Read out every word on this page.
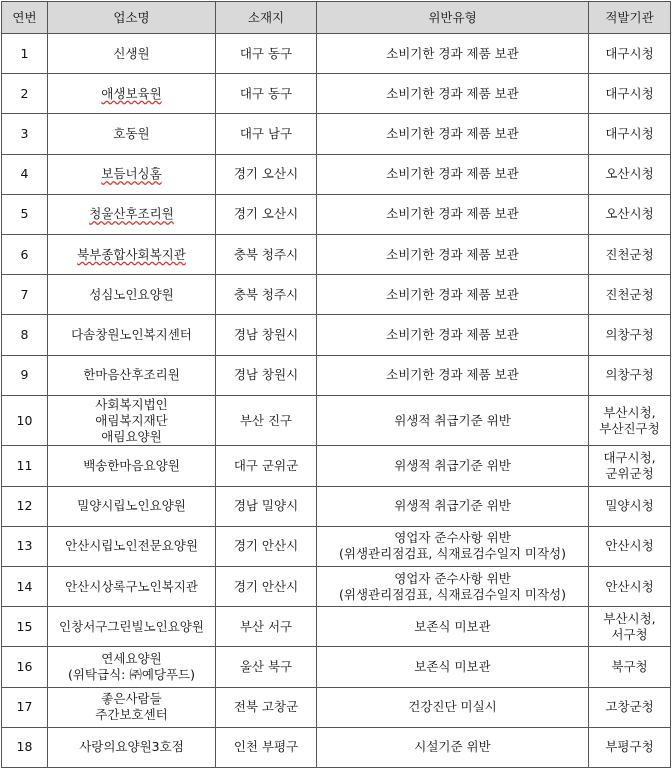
연번	업소명	소재지	위반유형	적발기관
1	신생원	대구 동구	소비기한 경과 제품 보관	대구시청
2	애생보육원	대구 동구	소비기한 경과 제품 보관	대구시청
3	호동원	대구 남구	소비기한 경과 제품 보관	대구시청
4	보듬너싱홈	경기 오산시	소비기한 경과 제품 보관	오산시청
5	청울산후조리원	경기 오산시	소비기한 경과 제품 보관	오산시청
6	북부종합사회복지관	충북 청주시	소비기한 경과 제품 보관	진천군청
7	성심노인요양원	충북 청주시	소비기한 경과 제품 보관	진천군청
8	다솜창원노인복지센터	경남 창원시	소비기한 경과 제품 보관	의창구청
9	한마음산후조리원	경남 창원시	소비기한 경과 제품 보관	의창구청
10	사회복지법인
애림복지재단
애림요양원	부산 진구	위생적 취급기준 위반	부산시청,
부산진구청
11	백송한마음요양원	대구 군위군	위생적 취급기준 위반	대구시청,
군위군청
12	밀양시립노인요양원	경남 밀양시	위생적 취급기준 위반	밀양시청
13	안산시립노인전문요양원	경기 안산시	영업자 준수사항 위반
(위생관리점검표, 식재료검수일지 미작성)	안산시청
14	안산시상록구노인복지관	경기 안산시	영업자 준수사항 위반
(위생관리점검표, 식재료검수일지 미작성)	안산시청
15	인창서구그린빌노인요양원	부산 서구	보존식 미보관	부산시청,
서구청
16	연세요양원
(위탁급식: ㈜예당푸드)	울산 북구	보존식 미보관	북구청
17	좋은사람들
주간보호센터	전북 고창군	건강진단 미실시	고창군청
18	사랑의요양원3호점	인천 부평구	시설기준 위반	부평구청
